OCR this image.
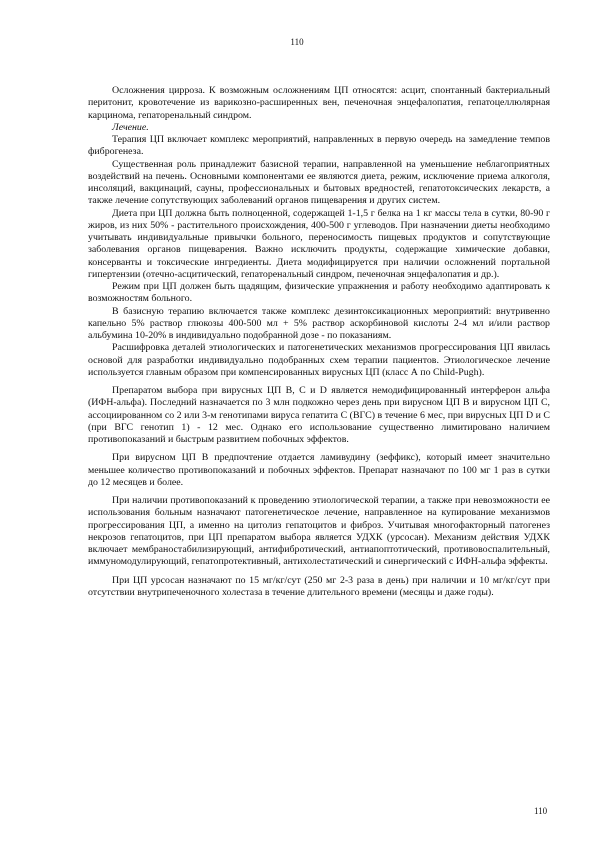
110

Осложнения цирроза. К возможным осложнениям ЦП относятся: асцит, спонтанный бактериальный перитонит, кровотечение из варикозно-расширенных вен, печеночная энцефалопатия, гепатоцеллюлярная карцинома, гепаторенальный синдром.

Лечение.

Терапия ЦП включает комплекс мероприятий, направленных в первую очередь на замедление темпов фиброгенеза.

Существенная роль принадлежит базисной терапии, направленной на уменьшение неблагоприятных воздействий на печень. Основными компонентами ее являются диета, режим, исключение приема алкоголя, инсоляций, вакцинаций, сауны, профессиональных и бытовых вредностей, гепатотоксических лекарств, а также лечение сопутствующих заболеваний органов пищеварения и других систем.

Диета при ЦП должна быть полноценной, содержащей 1-1,5 г белка на 1 кг массы тела в сутки, 80-90 г жиров, из них 50% - растительного происхождения, 400-500 г углеводов. При назначении диеты необходимо учитывать индивидуальные привычки больного, переносимость пищевых продуктов и сопутствующие заболевания органов пищеварения. Важно исключить продукты, содержащие химические добавки, консерванты и токсические ингредиенты. Диета модифицируется при наличии осложнений портальной гипертензии (отечно-асцитический, гепаторенальный синдром, печеночная энцефалопатия и др.).

Режим при ЦП должен быть щадящим, физические упражнения и работу необходимо адаптировать к возможностям больного.

В базисную терапию включается также комплекс дезинтоксикационных мероприятий: внутривенно капельно 5% раствор глюкозы 400-500 мл + 5% раствор аскорбиновой кислоты 2-4 мл и/или раствор альбумина 10-20% в индивидуально подобранной дозе - по показаниям.

Расшифровка деталей этиологических и патогенетических механизмов прогрессирования ЦП явилась основой для разработки индивидуально подобранных схем терапии пациентов. Этиологическое лечение используется главным образом при компенсированных вирусных ЦП (класс А по Child-Pugh).

Препаратом выбора при вирусных ЦП В, С и D является немодифицированный интерферон альфа (ИФН-альфа). Последний назначается по 3 млн подкожно через день при вирусном ЦП В и вирусном ЦП С, ассоциированном со 2 или 3-м генотипами вируса гепатита С (ВГС) в течение 6 мес, при вирусных ЦП D и С (при ВГС генотип 1) - 12 мес. Однако его использование существенно лимитировано наличием противопоказаний и быстрым развитием побочных эффектов.

При вирусном ЦП В предпочтение отдается ламивудину (зеффикс), который имеет значительно меньшее количество противопоказаний и побочных эффектов. Препарат назначают по 100 мг 1 раз в сутки до 12 месяцев и более.

При наличии противопоказаний к проведению этиологической терапии, а также при невозможности ее использования больным назначают патогенетическое лечение, направленное на купирование механизмов прогрессирования ЦП, а именно на цитолиз гепатоцитов и фиброз. Учитывая многофакторный патогенез некрозов гепатоцитов, при ЦП препаратом выбора является УДХК (урсосан). Механизм действия УДХК включает мембраностабилизирующий, антифибротический, антиапоптотический, противовоспалительный, иммуномодулирующий, гепатопротективный, антихолестатический и синергический с ИФН-альфа эффекты.

При ЦП урсосан назначают по 15 мг/кг/сут (250 мг 2-3 раза в день) при наличии и 10 мг/кг/сут при отсутствии внутрипеченочного холестаза в течение длительного времени (месяцы и даже годы).

110
